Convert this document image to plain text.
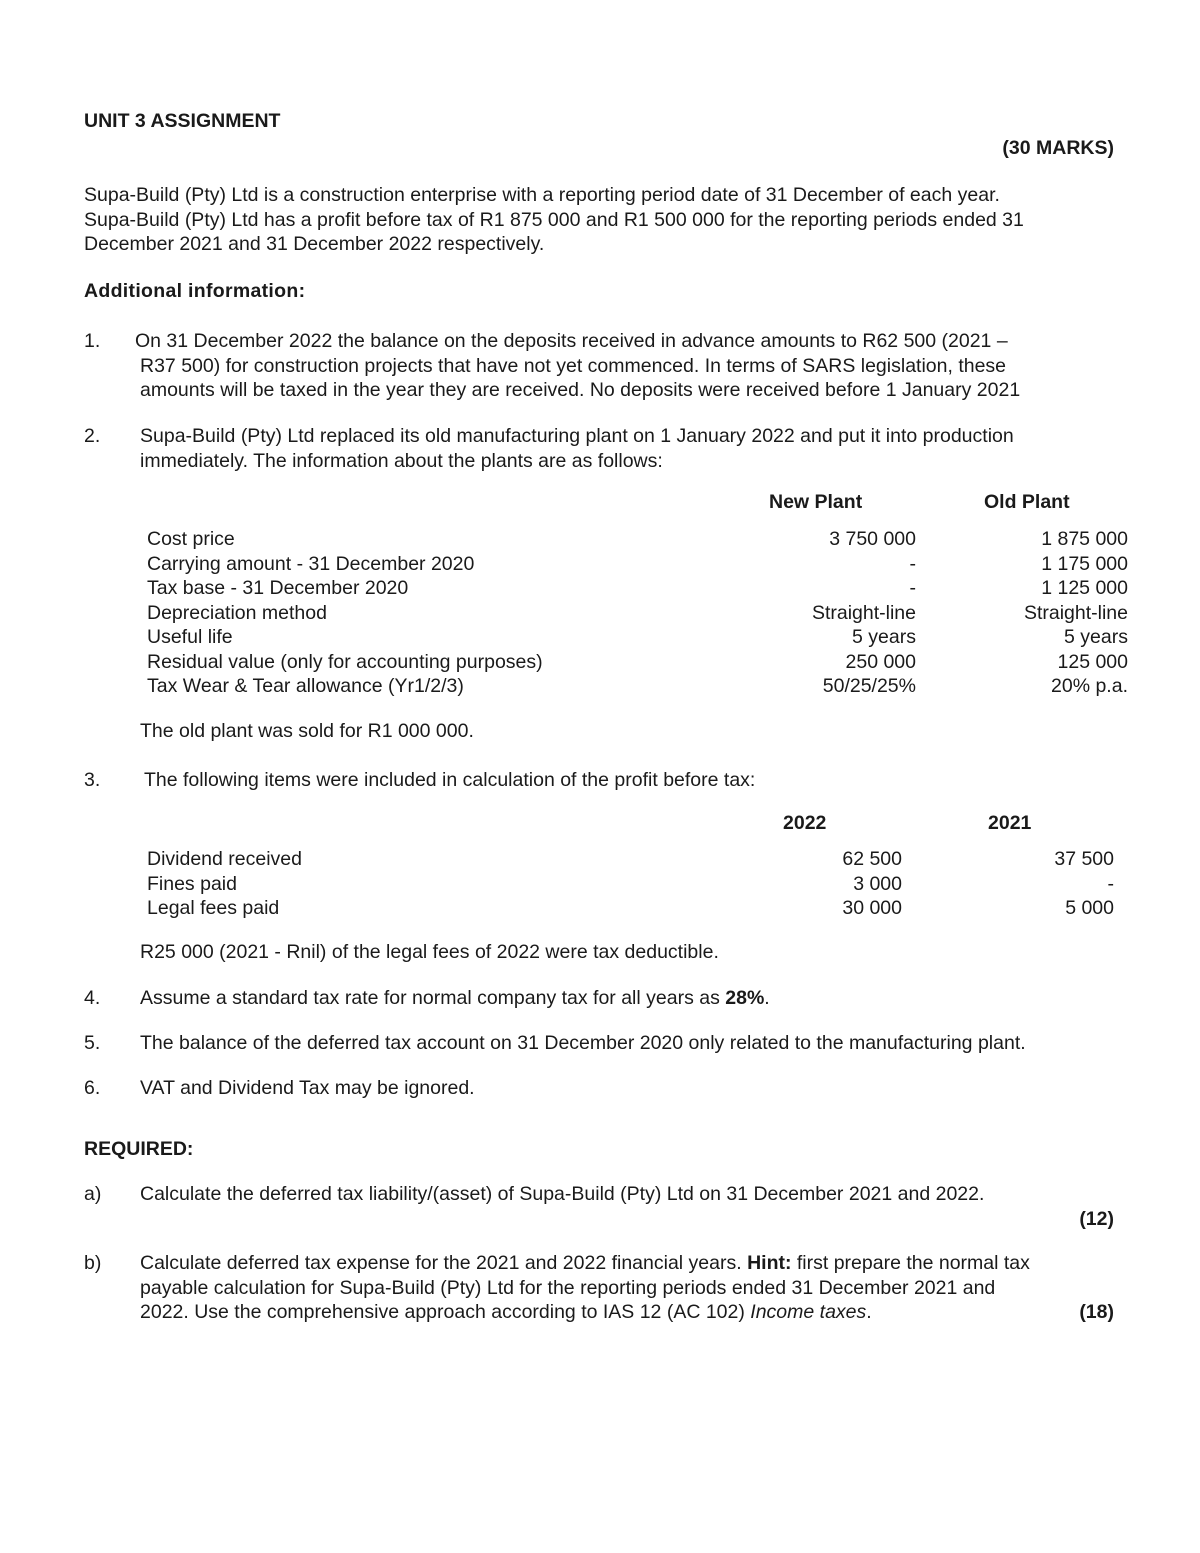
UNIT 3 ASSIGNMENT
(30 MARKS)
Supa-Build (Pty) Ltd is a construction enterprise with a reporting period date of 31 December of each year.
Supa-Build (Pty) Ltd has a profit before tax of R1 875 000 and R1 500 000 for the reporting periods ended 31
December 2021 and 31 December 2022 respectively.
Additional information:
1. On 31 December 2022 the balance on the deposits received in advance amounts to R62 500 (2021 –
R37 500) for construction projects that have not yet commenced. In terms of SARS legislation, these
amounts will be taxed in the year they are received. No deposits were received before 1 January 2021
2. Supa-Build (Pty) Ltd replaced its old manufacturing plant on 1 January 2022 and put it into production
immediately. The information about the plants are as follows:
New Plant	Old Plant
Cost price	3 750 000	1 875 000
Carrying amount - 31 December 2020	-	1 175 000
Tax base - 31 December 2020	-	1 125 000
Depreciation method	Straight-line	Straight-line
Useful life	5 years	5 years
Residual value (only for accounting purposes)	250 000	125 000
Tax Wear & Tear allowance (Yr1/2/3)	50/25/25%	20% p.a.
The old plant was sold for R1 000 000.
3. The following items were included in calculation of the profit before tax:
2022	2021
Dividend received	62 500	37 500
Fines paid	3 000	-
Legal fees paid	30 000	5 000
R25 000 (2021 - Rnil) of the legal fees of 2022 were tax deductible.
4. Assume a standard tax rate for normal company tax for all years as 28%.
5. The balance of the deferred tax account on 31 December 2020 only related to the manufacturing plant.
6. VAT and Dividend Tax may be ignored.
REQUIRED:
a) Calculate the deferred tax liability/(asset) of Supa-Build (Pty) Ltd on 31 December 2021 and 2022.
(12)
b) Calculate deferred tax expense for the 2021 and 2022 financial years. Hint: first prepare the normal tax
payable calculation for Supa-Build (Pty) Ltd for the reporting periods ended 31 December 2021 and
2022. Use the comprehensive approach according to IAS 12 (AC 102) Income taxes.	(18)
